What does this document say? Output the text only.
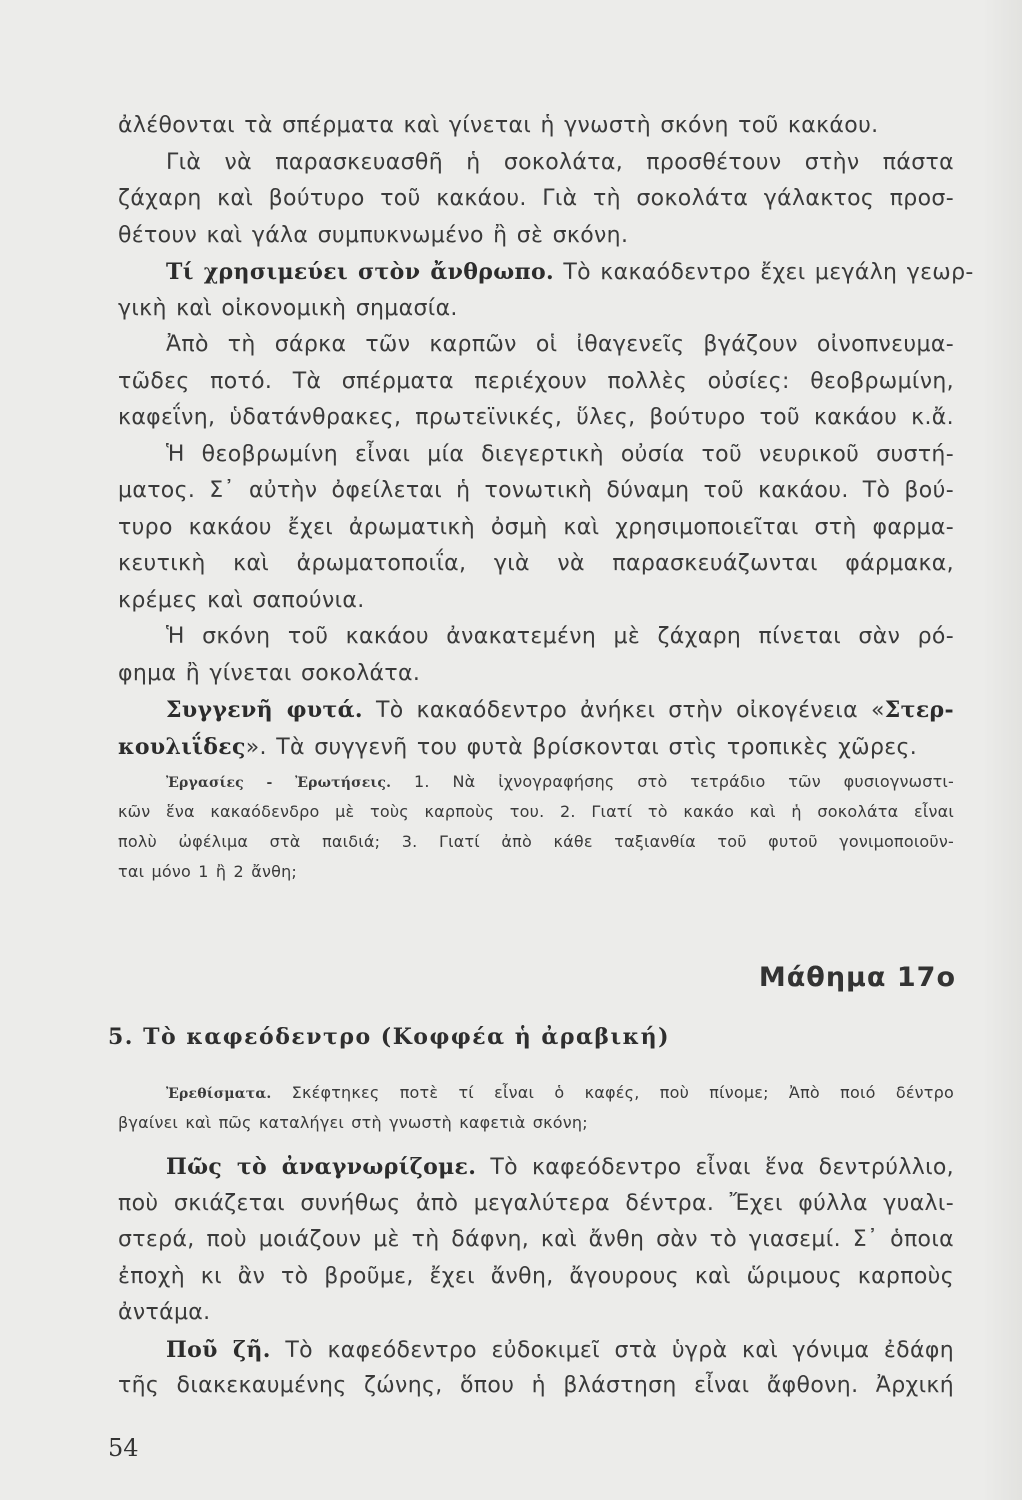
ἀλέθονται τὰ σπέρματα καὶ γίνεται ἡ γνωστὴ σκόνη τοῦ κακάου.
Γιὰ νὰ παρασκευασθῆ ἡ σοκολάτα, προσθέτουν στὴν πάστα
ζάχαρη καὶ βούτυρο τοῦ κακάου. Γιὰ τὴ σοκολάτα γάλακτος προσ-
θέτουν καὶ γάλα συμπυκνωμένο ἢ σὲ σκόνη.
Τί χρησιμεύει στὸν ἄνθρωπο. Τὸ κακαόδεντρο ἔχει μεγάλη γεωρ-
γικὴ καὶ οἰκονομικὴ σημασία.
Ἀπὸ τὴ σάρκα τῶν καρπῶν οἱ ἰθαγενεῖς βγάζουν οἰνοπνευμα-
τῶδες ποτό. Τὰ σπέρματα περιέχουν πολλὲς οὐσίες: θεοβρωμίνη,
καφεΐνη, ὑδατάνθρακες, πρωτεϊνικές, ὕλες, βούτυρο τοῦ κακάου κ.ἄ.
Ἡ θεοβρωμίνη εἶναι μία διεγερτικὴ οὐσία τοῦ νευρικοῦ συστή-
ματος. Σ᾽ αὐτὴν ὀφείλεται ἡ τονωτικὴ δύναμη τοῦ κακάου. Τὸ βού-
τυρο κακάου ἔχει ἀρωματικὴ ὀσμὴ καὶ χρησιμοποιεῖται στὴ φαρμα-
κευτικὴ καὶ ἀρωματοποιΐα, γιὰ νὰ παρασκευάζωνται φάρμακα,
κρέμες καὶ σαπούνια.
Ἡ σκόνη τοῦ κακάου ἀνακατεμένη μὲ ζάχαρη πίνεται σὰν ρό-
φημα ἢ γίνεται σοκολάτα.
Συγγενῆ φυτά. Τὸ κακαόδεντρο ἀνήκει στὴν οἰκογένεια «Στερ-
κουλιΐδες». Τὰ συγγενῆ του φυτὰ βρίσκονται στὶς τροπικὲς χῶρες.
Ἐργασίες - Ἐρωτήσεις. 1. Νὰ ἰχνογραφήσης στὸ τετράδιο τῶν φυσιογνωστι-
κῶν ἕνα κακαόδενδρο μὲ τοὺς καρποὺς του. 2. Γιατί τὸ κακάο καὶ ἡ σοκολάτα εἶναι
πολὺ ὠφέλιμα στὰ παιδιά; 3. Γιατί ἀπὸ κάθε ταξιανθία τοῦ φυτοῦ γονιμοποιοῦν-
ται μόνο 1 ἢ 2 ἄνθη;
Μάθημα 17ο
5. Τὸ καφεόδεντρο (Κοφφέα ἡ ἀραβική)
Ἐρεθίσματα. Σκέφτηκες ποτὲ τί εἶναι ὁ καφές, ποὺ πίνομε; Ἀπὸ ποιό δέντρο
βγαίνει καὶ πῶς καταλήγει στὴ γνωστὴ καφετιὰ σκόνη;
Πῶς τὸ ἀναγνωρίζομε. Τὸ καφεόδεντρο εἶναι ἕνα δεντρύλλιο,
ποὺ σκιάζεται συνήθως ἀπὸ μεγαλύτερα δέντρα. Ἔχει φύλλα γυαλι-
στερά, ποὺ μοιάζουν μὲ τὴ δάφνη, καὶ ἄνθη σὰν τὸ γιασεμί. Σ᾽ ὁποια
ἐποχὴ κι ἂν τὸ βροῦμε, ἔχει ἄνθη, ἄγουρους καὶ ὥριμους καρποὺς
ἀντάμα.
Ποῦ ζῆ. Τὸ καφεόδεντρο εὐδοκιμεῖ στὰ ὑγρὰ καὶ γόνιμα ἐδάφη
τῆς διακεκαυμένης ζώνης, ὅπου ἡ βλάστηση εἶναι ἄφθονη. Ἀρχική
54
